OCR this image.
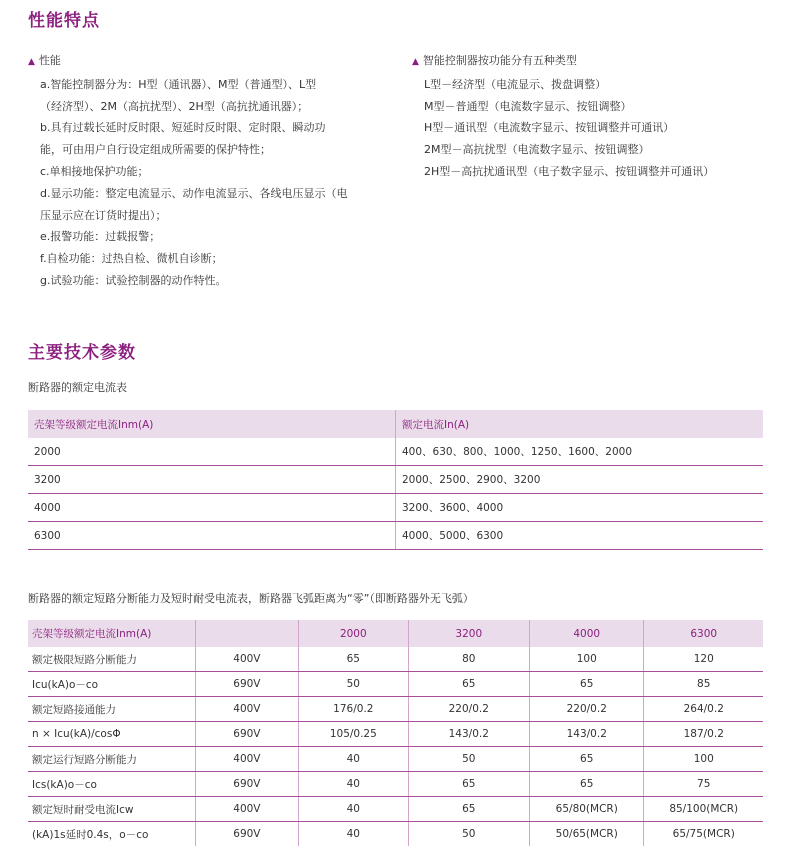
性能特点
▲ 性能
a.智能控制器分为：H型（通讯器）、M型（普通型）、L型
（经济型）、2M（高抗扰型）、2H型（高抗扰通讯器）；
b.具有过载长延时反时限、短延时反时限、定时限、瞬动功
能，可由用户自行设定组成所需要的保护特性；
c.单相接地保护功能；
d.显示功能：整定电流显示、动作电流显示、各线电压显示（电
压显示应在订货时提出）；
e.报警功能：过载报警；
f.自检功能：过热自检、微机自诊断；
g.试验功能：试验控制器的动作特性。
▲ 智能控制器按功能分有五种类型
L型－经济型（电流显示、拨盘调整）
M型－普通型（电流数字显示、按钮调整）
H型－通讯型（电流数字显示、按钮调整并可通讯）
2M型－高抗扰型（电流数字显示、按钮调整）
2H型－高抗扰通讯型（电子数字显示、按钮调整并可通讯）
主要技术参数
断路器的额定电流表
壳架等级额定电流Inm(A)	额定电流In(A)
2000	400、630、800、1000、1250、1600、2000
3200	2000、2500、2900、3200
4000	3200、3600、4000
6300	4000、5000、6300
断路器的额定短路分断能力及短时耐受电流表，断路器飞弧距离为“零”（即断路器外无飞弧）
壳架等级额定电流Inm(A)		2000	3200	4000	6300
额定极限短路分断能力	400V	65	80	100	120
Icu(kA)o－co	690V	50	65	65	85
额定短路接通能力	400V	176/0.2	220/0.2	220/0.2	264/0.2
n × Icu(kA)/cosΦ	690V	105/0.25	143/0.2	143/0.2	187/0.2
额定运行短路分断能力	400V	40	50	65	100
Ics(kA)o－co	690V	40	65	65	75
额定短时耐受电流Icw	400V	40	65	65/80(MCR)	85/100(MCR)
(kA)1s延时0.4s，o－co	690V	40	50	50/65(MCR)	65/75(MCR)
